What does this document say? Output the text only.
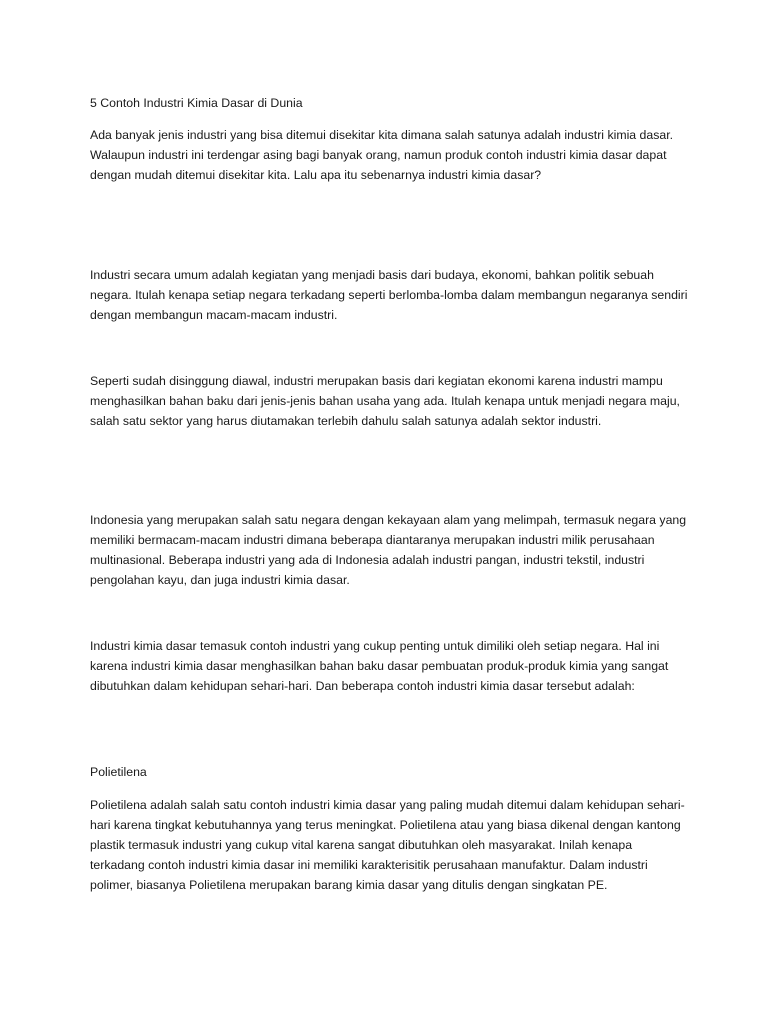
5 Contoh Industri Kimia Dasar di Dunia

Ada banyak jenis industri yang bisa ditemui disekitar kita dimana salah satunya adalah industri kimia dasar. Walaupun industri ini terdengar asing bagi banyak orang, namun produk contoh industri kimia dasar dapat dengan mudah ditemui disekitar kita. Lalu apa itu sebenarnya industri kimia dasar?

Industri secara umum adalah kegiatan yang menjadi basis dari budaya, ekonomi, bahkan politik sebuah negara. Itulah kenapa setiap negara terkadang seperti berlomba-lomba dalam membangun negaranya sendiri dengan membangun macam-macam industri.

Seperti sudah disinggung diawal, industri merupakan basis dari kegiatan ekonomi karena industri mampu menghasilkan bahan baku dari jenis-jenis bahan usaha yang ada. Itulah kenapa untuk menjadi negara maju, salah satu sektor yang harus diutamakan terlebih dahulu salah satunya adalah sektor industri.

Indonesia yang merupakan salah satu negara dengan kekayaan alam yang melimpah, termasuk negara yang memiliki bermacam-macam industri dimana beberapa diantaranya merupakan industri milik perusahaan multinasional. Beberapa industri yang ada di Indonesia adalah industri pangan, industri tekstil, industri pengolahan kayu, dan juga industri kimia dasar.

Industri kimia dasar temasuk contoh industri yang cukup penting untuk dimiliki oleh setiap negara. Hal ini karena industri kimia dasar menghasilkan bahan baku dasar pembuatan produk-produk kimia yang sangat dibutuhkan dalam kehidupan sehari-hari. Dan beberapa contoh industri kimia dasar tersebut adalah:

Polietilena

Polietilena adalah salah satu contoh industri kimia dasar yang paling mudah ditemui dalam kehidupan sehari-hari karena tingkat kebutuhannya yang terus meningkat. Polietilena atau yang biasa dikenal dengan kantong plastik termasuk industri yang cukup vital karena sangat dibutuhkan oleh masyarakat. Inilah kenapa terkadang contoh industri kimia dasar ini memiliki karakterisitik perusahaan manufaktur. Dalam industri polimer, biasanya Polietilena merupakan barang kimia dasar yang ditulis dengan singkatan PE.
